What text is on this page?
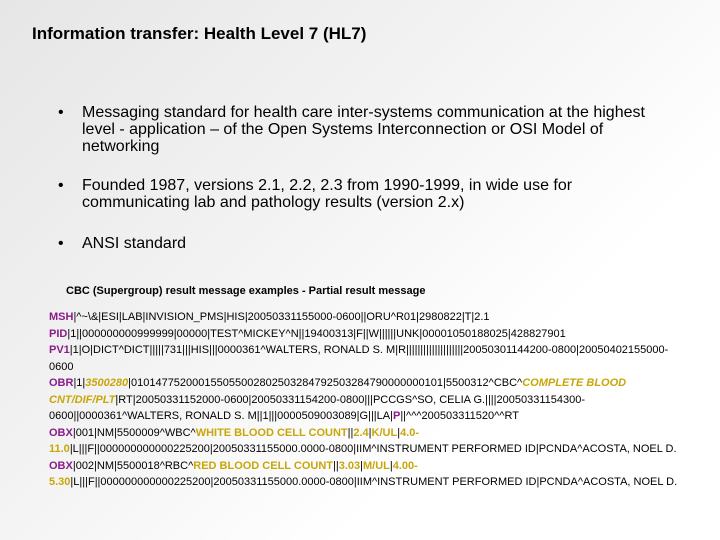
Information transfer: Health Level 7 (HL7)
• Messaging standard for health care inter-systems communication at the highest level - application – of the Open Systems Interconnection or OSI Model of networking
• Founded 1987, versions 2.1, 2.2, 2.3 from 1990-1999, in wide use for communicating lab and pathology results (version 2.x)
• ANSI standard
CBC (Supergroup) result message examples - Partial result message

MSH|^~\&|ESI|LAB|INVISION_PMS|HIS|20050331155000-0600||ORU^R01|2980822|T|2.1

PID|1||000000000999999|00000|TEST^MICKEY^N||19400313|F||W||||||UNK|00001050188025|428827901

PV1|1|O|DICT^DICT|||||731|||HIS|||0000361^WALTERS, RONALD S. M|R||||||||||||||||||||20050301144200-0800|20050402155000-0600

OBR|1|3500280|010147752000155055002802503284792503284790000000101|5500312^CBC^COMPLETE BLOOD CNT/DIF/PLT|RT|20050331152000-0600|20050331154200-0800|||PCCGS^SO, CELIA G.||||20050331154300-0600||0000361^WALTERS, RONALD S. M||1|||0000509003089|G|||LA|P||^^^200503311520^^RT

OBX|001|NM|5500009^WBC^WHITE BLOOD CELL COUNT||2.4|K/UL|4.0-11.0|L|||F||000000000000225200|20050331155000.0000-0800|IIM^INSTRUMENT PERFORMED ID|PCNDA^ACOSTA, NOEL D.

OBX|002|NM|5500018^RBC^RED BLOOD CELL COUNT||3.03|M/UL|4.00-5.30|L|||F||000000000000225200|20050331155000.0000-0800|IIM^INSTRUMENT PERFORMED ID|PCNDA^ACOSTA, NOEL D.
